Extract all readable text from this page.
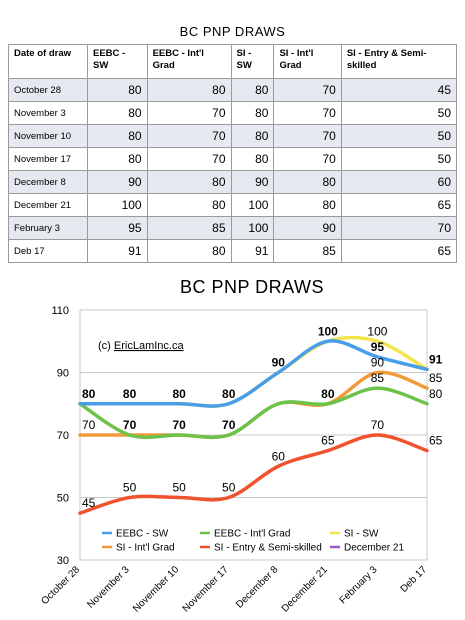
BC PNP DRAWS
Date of draw	EEBC - SW	EEBC - Int'l Grad	SI - SW	SI - Int'l Grad	SI - Entry & Semi-skilled
October 28	80	80	80	70	45
November 3	80	70	80	70	50
November 10	80	70	80	70	50
November 17	80	70	80	70	50
December 8	90	80	90	80	60
December 21	100	80	100	80	65
February 3	95	85	100	90	70
Deb 17	91	80	91	85	65
BC PNP DRAWS
30
50
70
90
110
October 28 November 3 November 10 November 17 December 8 December 21 February 3 Deb 17
(c) EricLamInc.ca
80 80	80	80
90
100
95
91
70	70	70
80
85
80
100
70
90
85
45
50	50	50
60
65
70
65
EEBC - SW	EEBC - Int'l Grad	SI - SW
SI - Int'l Grad	SI - Entry & Semi-skilled December 21
